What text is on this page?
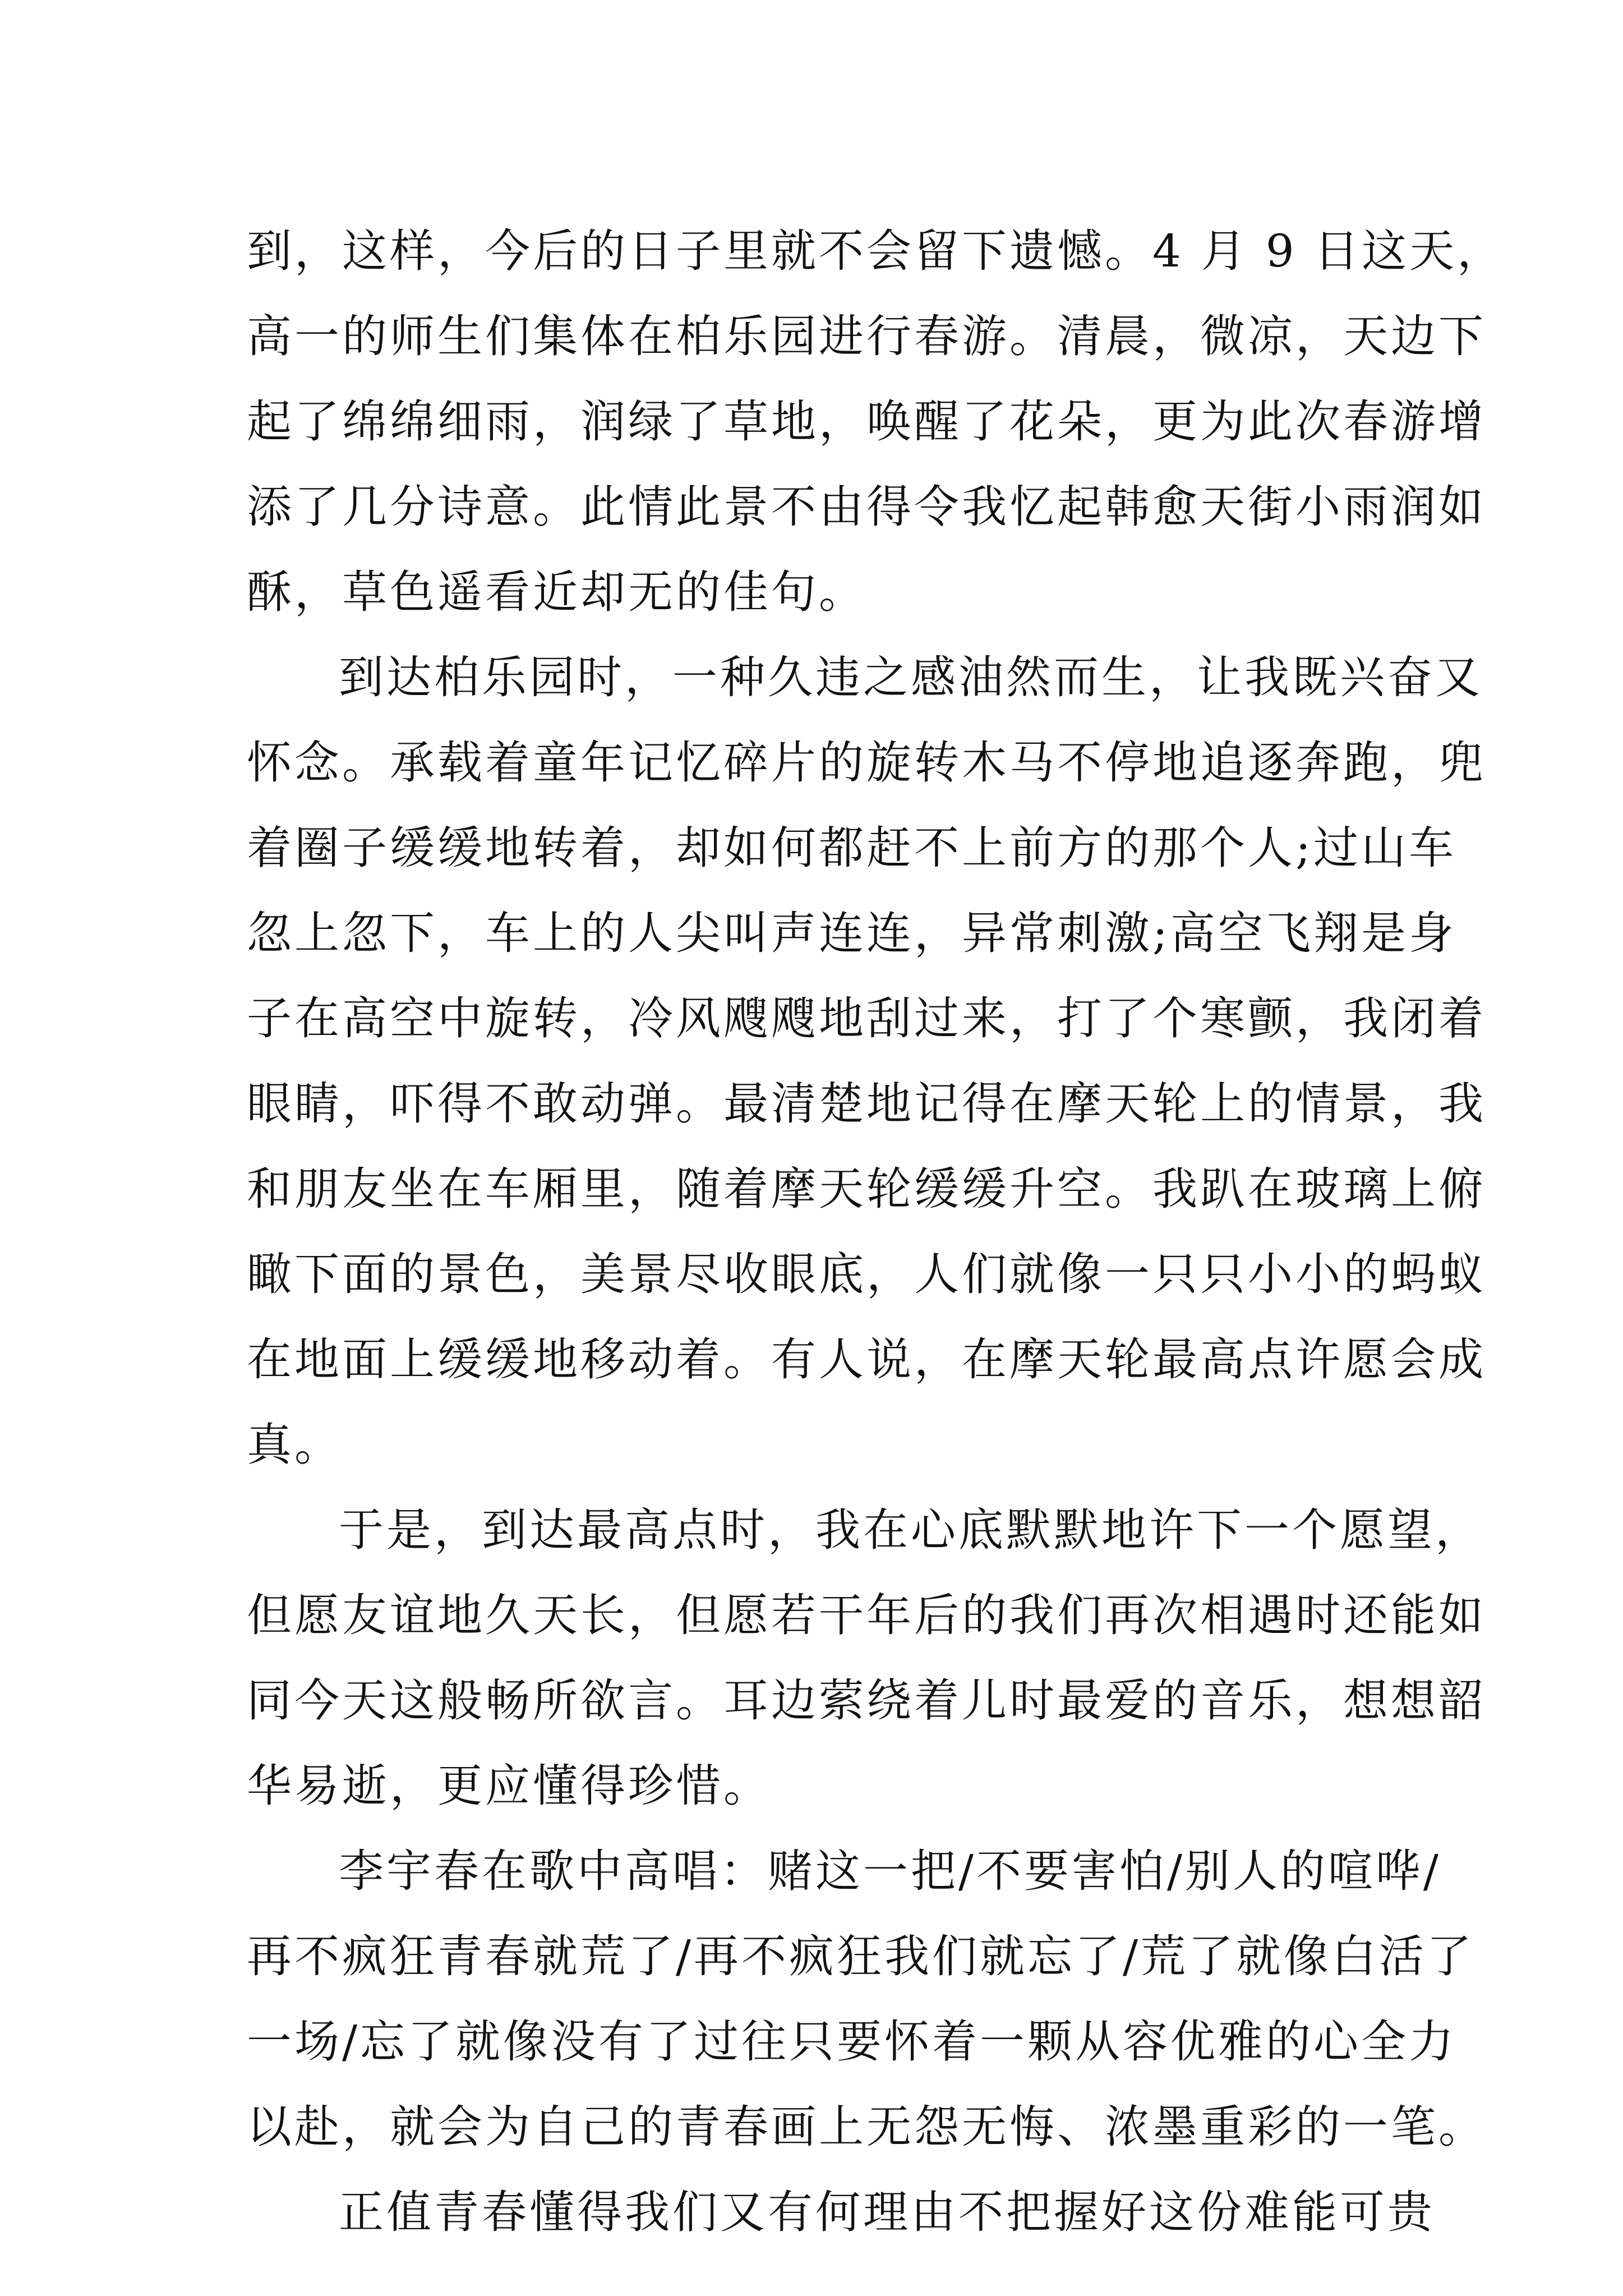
到，这样，今后的日子里就不会留下遗憾。4 月 9 日这天，
高一的师生们集体在柏乐园进行春游。清晨，微凉，天边下
起了绵绵细雨，润绿了草地，唤醒了花朵，更为此次春游增
添了几分诗意。此情此景不由得令我忆起韩愈天街小雨润如
酥，草色遥看近却无的佳句。
到达柏乐园时，一种久违之感油然而生，让我既兴奋又
怀念。承载着童年记忆碎片的旋转木马不停地追逐奔跑，兜
着圈子缓缓地转着，却如何都赶不上前方的那个人;过山车
忽上忽下，车上的人尖叫声连连，异常刺激;高空飞翔是身
子在高空中旋转，冷风飕飕地刮过来，打了个寒颤，我闭着
眼睛，吓得不敢动弹。最清楚地记得在摩天轮上的情景，我
和朋友坐在车厢里，随着摩天轮缓缓升空。我趴在玻璃上俯
瞰下面的景色，美景尽收眼底，人们就像一只只小小的蚂蚁
在地面上缓缓地移动着。有人说，在摩天轮最高点许愿会成
真。
于是，到达最高点时，我在心底默默地许下一个愿望，
但愿友谊地久天长，但愿若干年后的我们再次相遇时还能如
同今天这般畅所欲言。耳边萦绕着儿时最爱的音乐，想想韶
华易逝，更应懂得珍惜。
李宇春在歌中高唱：赌这一把/不要害怕/别人的喧哗/
再不疯狂青春就荒了/再不疯狂我们就忘了/荒了就像白活了
一场/忘了就像没有了过往只要怀着一颗从容优雅的心全力
以赴，就会为自己的青春画上无怨无悔、浓墨重彩的一笔。
正值青春懂得我们又有何理由不把握好这份难能可贵
